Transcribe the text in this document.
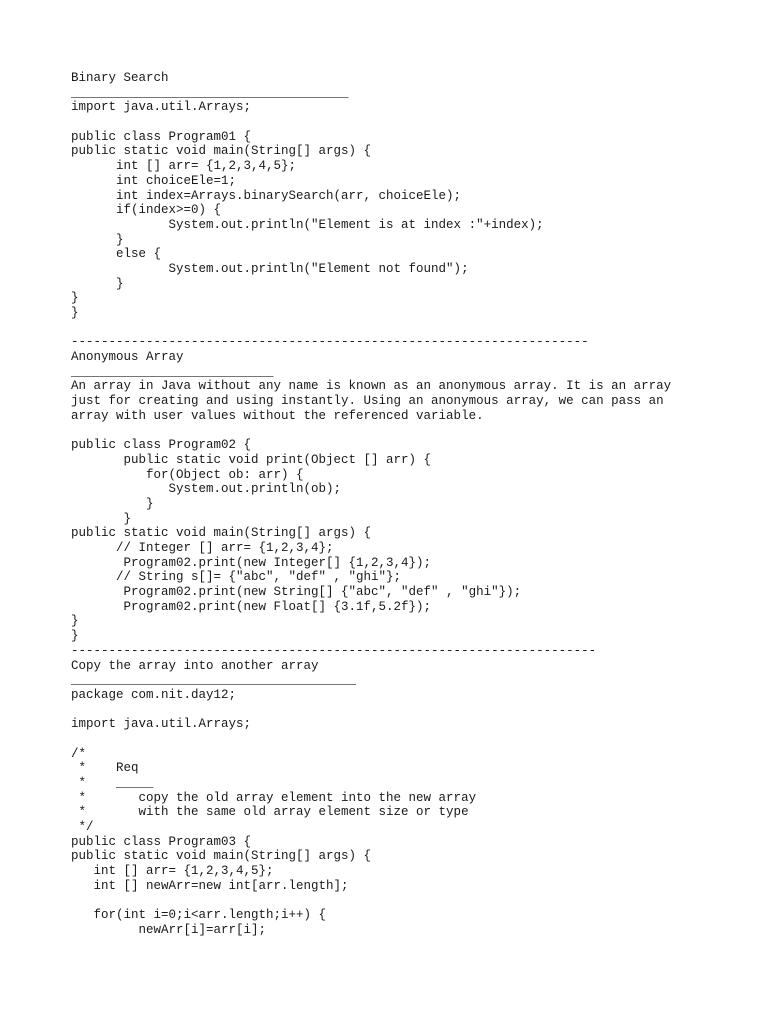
Binary Search
_____________________________________
import java.util.Arrays;
public class Program01 {
public static void main(String[] args) {
int [] arr= {1,2,3,4,5};
int choiceEle=1;
int index=Arrays.binarySearch(arr, choiceEle);
if(index>=0) {
System.out.println("Element is at index :"+index);
}
else {
System.out.println("Element not found");
}
}
}
---------------------------------------------------------------------
Anonymous Array
___________________________
An array in Java without any name is known as an anonymous array. It is an array
just for creating and using instantly. Using an anonymous array, we can pass an
array with user values without the referenced variable.
public class Program02 {
public static void print(Object [] arr) {
for(Object ob: arr) {
System.out.println(ob);
}
}
public static void main(String[] args) {
// Integer [] arr= {1,2,3,4};
Program02.print(new Integer[] {1,2,3,4});
// String s[]= {"abc", "def" , "ghi"};
Program02.print(new String[] {"abc", "def" , "ghi"});
Program02.print(new Float[] {3.1f,5.2f});
}
}
----------------------------------------------------------------------
Copy the array into another array
______________________________________
package com.nit.day12;
import java.util.Arrays;
/*
*    Req
*    _____
*       copy the old array element into the new array
*       with the same old array element size or type
*/
public class Program03 {
public static void main(String[] args) {
int [] arr= {1,2,3,4,5};
int [] newArr=new int[arr.length];
for(int i=0;i<arr.length;i++) {
newArr[i]=arr[i];
